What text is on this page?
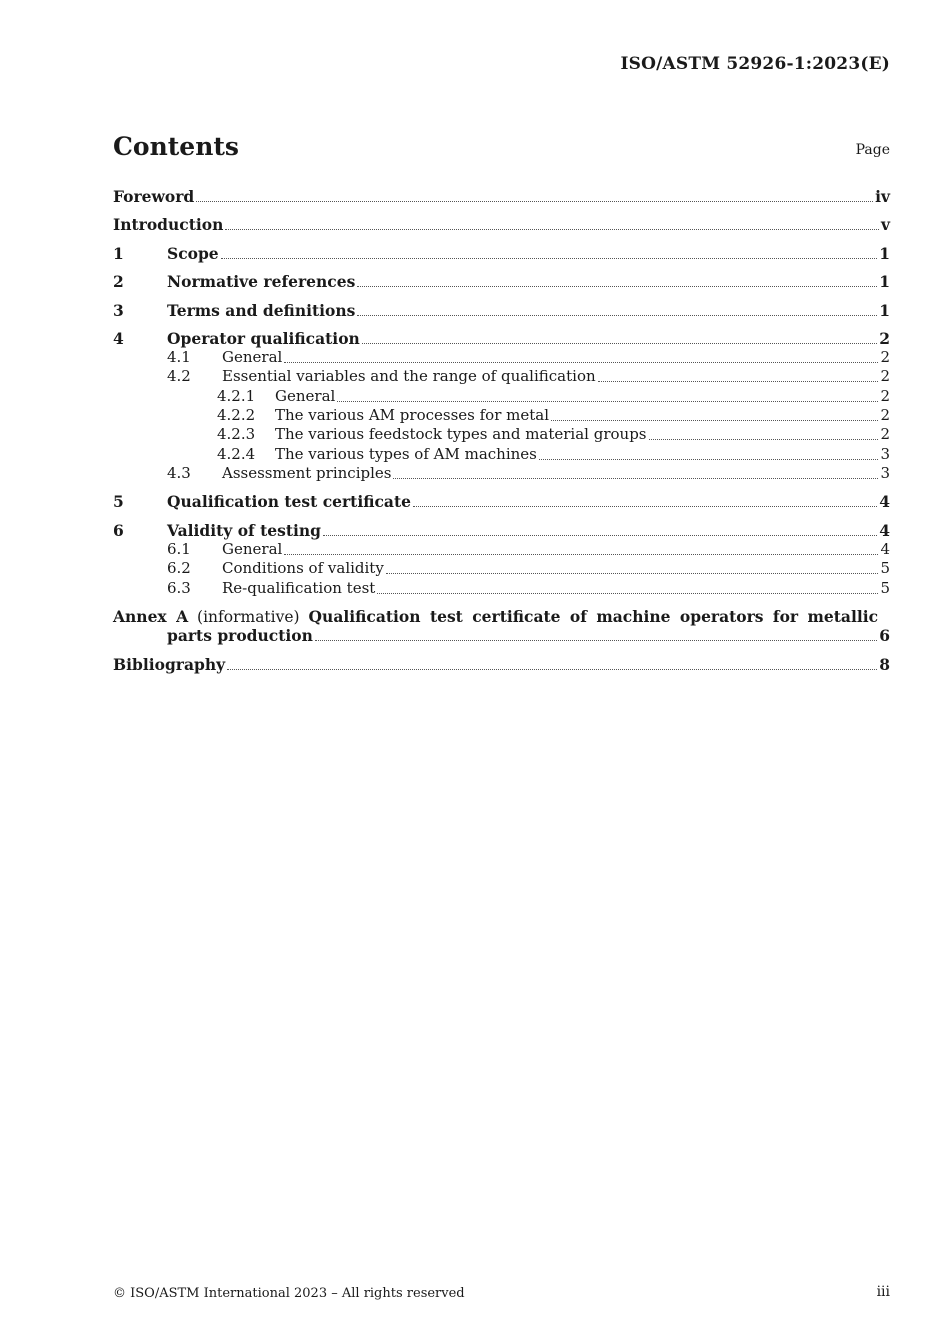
ISO/ASTM 52926-1:2023(E)
Contents	Page
Foreword	iv
Introduction	v
1	Scope	1
2	Normative references	1
3	Terms and definitions	1
4	Operator qualification	2
4.1	General	2
4.2	Essential variables and the range of qualification	2
4.2.1	General	2
4.2.2	The various AM processes for metal	2
4.2.3	The various feedstock types and material groups	2
4.2.4	The various types of AM machines	3
4.3	Assessment principles	3
5	Qualification test certificate	4
6	Validity of testing	4
6.1	General	4
6.2	Conditions of validity	5
6.3	Re-qualification test	5
Annex A (informative) Qualification test certificate of machine operators for metallic
parts production	6
Bibliography	8
© ISO/ASTM International 2023 – All rights reserved	iii
